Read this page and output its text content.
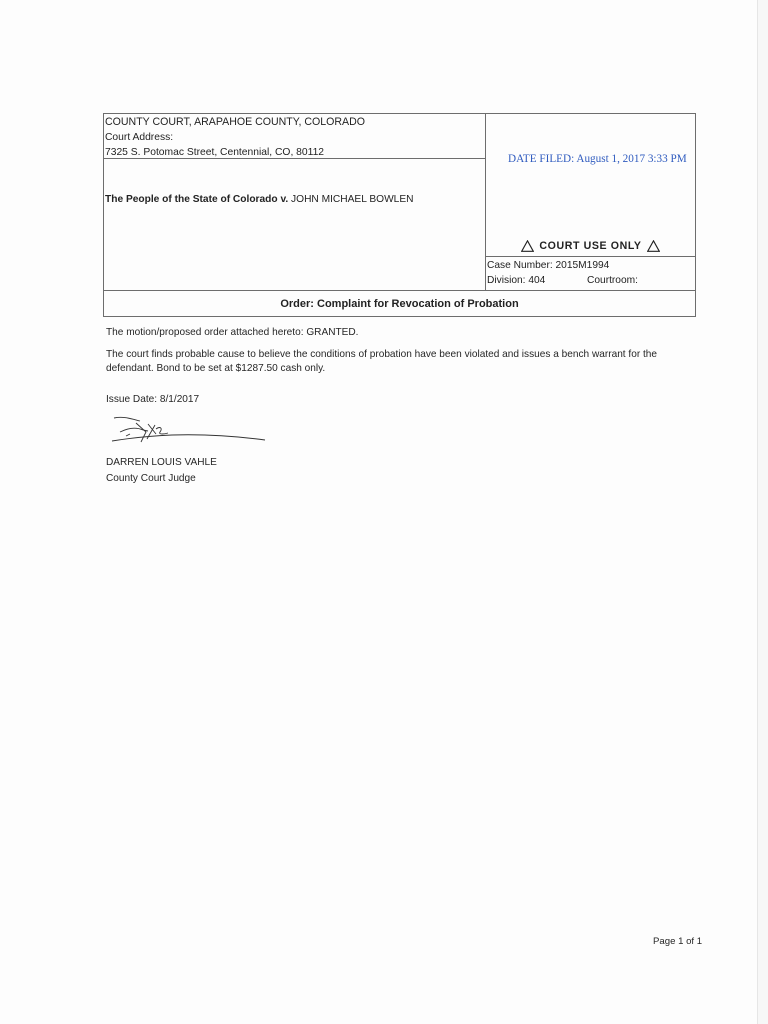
COUNTY COURT, ARAPAHOE COUNTY, COLORADO
Court Address:
7325 S. Potomac Street, Centennial, CO, 80112
The People of the State of Colorado v. JOHN MICHAEL BOWLEN
DATE FILED: August 1, 2017 3:33 PM
COURT USE ONLY
Case Number: 2015M1994
Division: 404	Courtroom:
Order: Complaint for Revocation of Probation
The motion/proposed order attached hereto: GRANTED.
The court finds probable cause to believe the conditions of probation have been violated and issues a bench warrant for the defendant. Bond to be set at $1287.50 cash only.
Issue Date: 8/1/2017
DARREN LOUIS VAHLE
County Court Judge
Page 1 of 1
